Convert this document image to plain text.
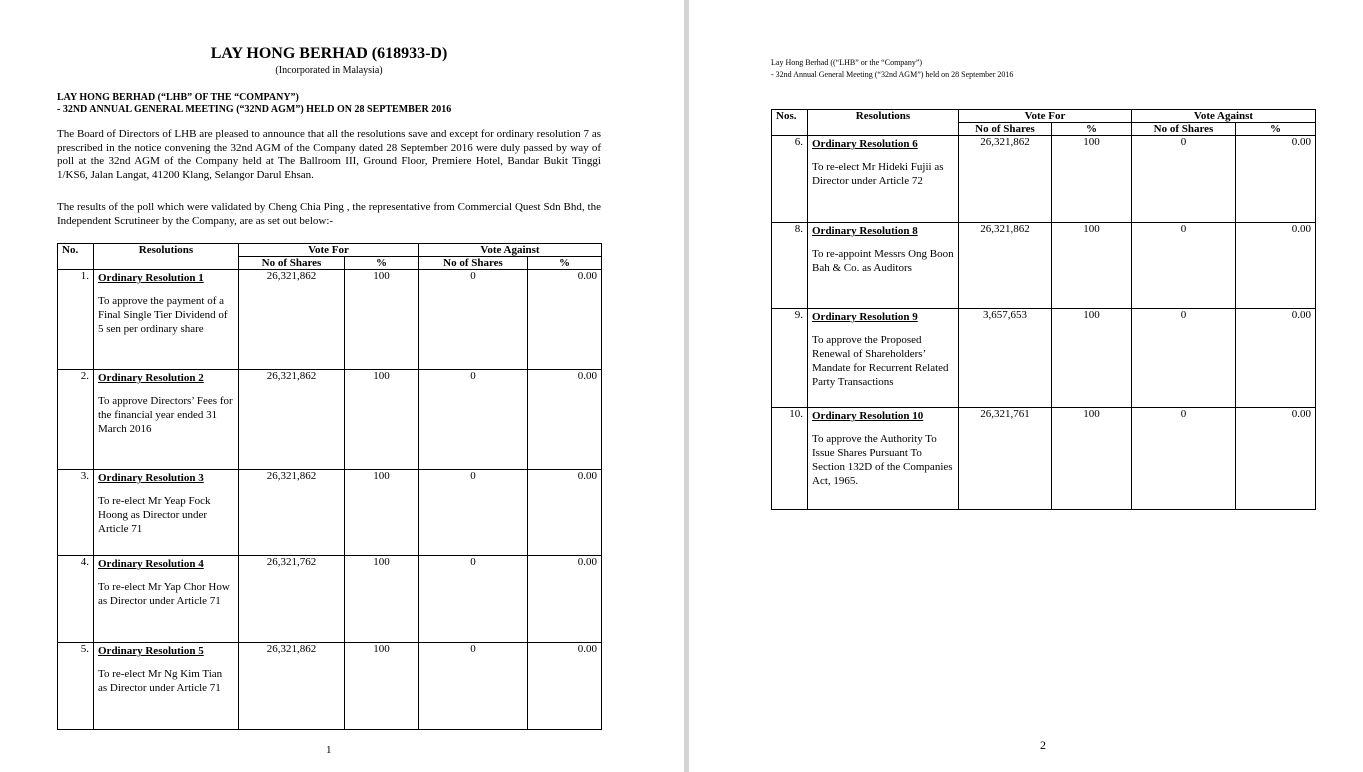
LAY HONG BERHAD (618933-D)
(Incorporated in Malaysia)
LAY HONG BERHAD (“LHB” OF THE “COMPANY”)
- 32ND ANNUAL GENERAL MEETING (“32ND AGM”) HELD ON 28 SEPTEMBER 2016

The Board of Directors of LHB are pleased to announce that all the resolutions save and except for ordinary resolution 7 as prescribed in the notice convening the 32nd AGM of the Company dated 28 September 2016 were duly passed by way of poll at the 32nd AGM of the Company held at The Ballroom III, Ground Floor, Premiere Hotel, Bandar Bukit Tinggi 1/KS6, Jalan Langat, 41200 Klang, Selangor Darul Ehsan.

The results of the poll which were validated by Cheng Chia Ping , the representative from Commercial Quest Sdn Bhd, the Independent Scrutineer by the Company, are as set out below:-

No.	Resolutions	Vote For		Vote Against	
		No of Shares	%	No of Shares	%
1.	Ordinary Resolution 1
To approve the payment of a Final Single Tier Dividend of 5 sen per ordinary share	26,321,862	100	0	0.00
2.	Ordinary Resolution 2
To approve Directors’ Fees for the financial year ended 31 March 2016	26,321,862	100	0	0.00
3.	Ordinary Resolution 3
To re-elect Mr Yeap Fock Hoong as Director under Article 71	26,321,862	100	0	0.00
4.	Ordinary Resolution 4
To re-elect Mr Yap Chor How as Director under Article 71	26,321,762	100	0	0.00
5.	Ordinary Resolution 5
To re-elect Mr Ng Kim Tian as Director under Article 71	26,321,862	100	0	0.00
1
Lay Hong Berhad ((“LHB” or the “Company”)
- 32nd Annual General Meeting (“32nd AGM”) held on 28 September 2016
Nos.	Resolutions	Vote For		Vote Against	
		No of Shares	%	No of Shares	%
6.	Ordinary Resolution 6
To re-elect Mr Hideki Fujii as Director under Article 72	26,321,862	100	0	0.00
8.	Ordinary Resolution 8
To re-appoint Messrs Ong Boon Bah & Co. as Auditors	26,321,862	100	0	0.00
9.	Ordinary Resolution 9
To approve the Proposed Renewal of Shareholders’ Mandate for Recurrent Related Party Transactions	3,657,653	100	0	0.00
10.	Ordinary Resolution 10
To approve the Authority To Issue Shares Pursuant To Section 132D of the Companies Act, 1965.	26,321,761	100	0	0.00
2
